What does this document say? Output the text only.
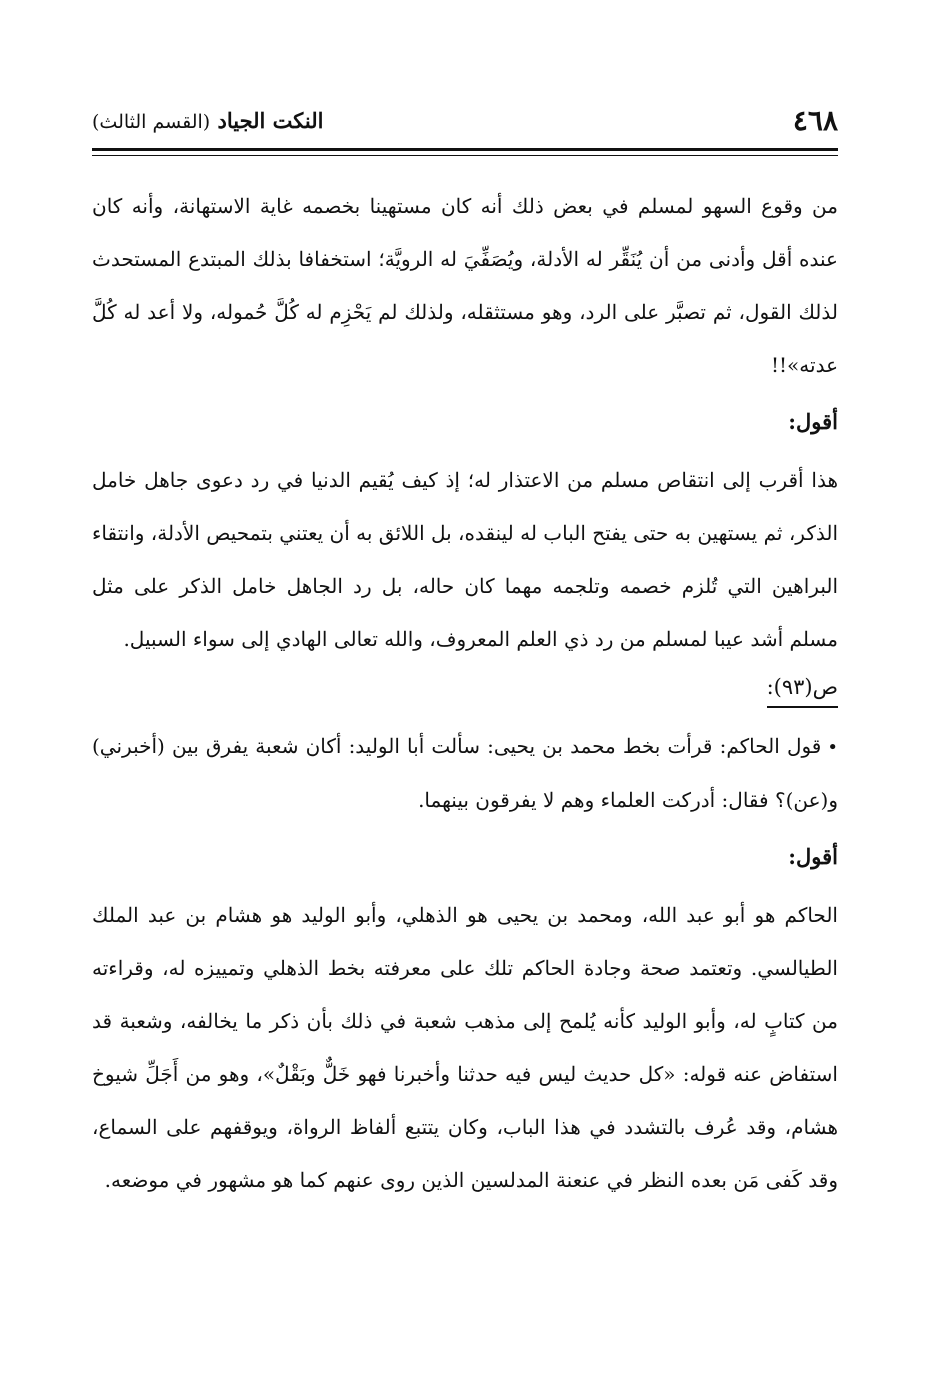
٤٦٨
النكت الجياد (القسم الثالث)

من وقوع السهو لمسلم في بعض ذلك أنه كان مستهينا بخصمه غاية الاستهانة، وأنه كان عنده أقل وأدنى من أن يُنَقِّر له الأدلة، ويُصَفِّيَ له الرويَّة؛ استخفافا بذلك المبتدع المستحدث لذلك القول، ثم تصبَّر على الرد، وهو مستثقله، ولذلك لم يَحْزِم له كُلَّ حُموله، ولا أعد له كُلَّ عدته»!!

أقول:

هذا أقرب إلى انتقاص مسلم من الاعتذار له؛ إذ كيف يُقيم الدنيا في رد دعوى جاهل خامل الذكر، ثم يستهين به حتى يفتح الباب له لينقده، بل اللائق به أن يعتني بتمحيص الأدلة، وانتقاء البراهين التي تُلزم خصمه وتلجمه مهما كان حاله، بل رد الجاهل خامل الذكر على مثل مسلم أشد عيبا لمسلم من رد ذي العلم المعروف، والله تعالى الهادي إلى سواء السبيل.

ص(٩٣):

•قول الحاكم: قرأت بخط محمد بن يحيى: سألت أبا الوليد: أكان شعبة يفرق بين (أخبرني) و(عن)؟ فقال: أدركت العلماء وهم لا يفرقون بينهما.

أقول:

الحاكم هو أبو عبد الله، ومحمد بن يحيى هو الذهلي، وأبو الوليد هو هشام بن عبد الملك الطيالسي. وتعتمد صحة وجادة الحاكم تلك على معرفته بخط الذهلي وتمييزه له، وقراءته من كتابٍ له، وأبو الوليد كأنه يُلمح إلى مذهب شعبة في ذلك بأن ذكر ما يخالفه، وشعبة قد استفاض عنه قوله: «كل حديث ليس فيه حدثنا وأخبرنا فهو خَلٌّ وبَقْلٌ»، وهو من أَجَلِّ شيوخ هشام، وقد عُرف بالتشدد في هذا الباب، وكان يتتبع ألفاظ الرواة، ويوقفهم على السماع، وقد كَفى مَن بعده النظر في عنعنة المدلسين الذين روى عنهم كما هو مشهور في موضعه.
